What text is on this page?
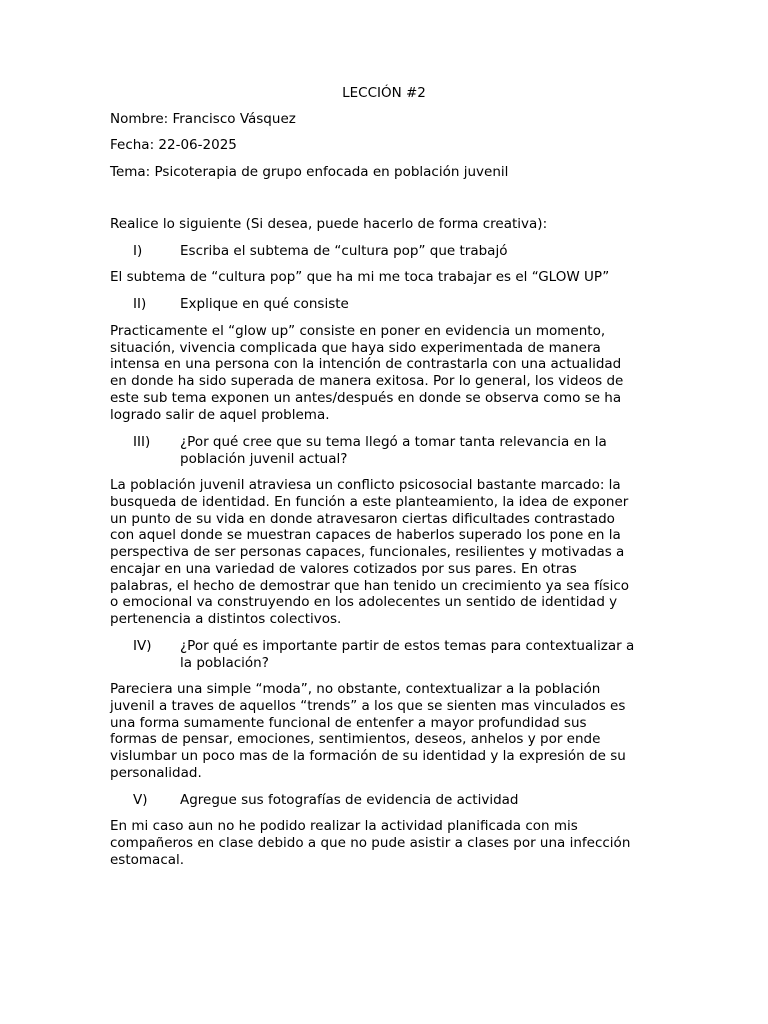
LECCIÓN #2
Nombre: Francisco Vásquez
Fecha: 22-06-2025
Tema: Psicoterapia de grupo enfocada en población juvenil
Realice lo siguiente (Si desea, puede hacerlo de forma creativa):
I)	Escriba el subtema de “cultura pop” que trabajó
El subtema de “cultura pop” que ha mi me toca trabajar es el “GLOW UP”
II)	Explique en qué consiste
Practicamente el “glow up” consiste en poner en evidencia un momento,
situación, vivencia complicada que haya sido experimentada de manera
intensa en una persona con la intención de contrastarla con una actualidad
en donde ha sido superada de manera exitosa. Por lo general, los videos de
este sub tema exponen un antes/después en donde se observa como se ha
logrado salir de aquel problema.
III) ¿Por qué cree que su tema llegó a tomar tanta relevancia en la
población juvenil actual?
La población juvenil atraviesa un conflicto psicosocial bastante marcado: la
busqueda de identidad. En función a este planteamiento, la idea de exponer
un punto de su vida en donde atravesaron ciertas dificultades contrastado
con aquel donde se muestran capaces de haberlos superado los pone en la
perspectiva de ser personas capaces, funcionales, resilientes y motivadas a
encajar en una variedad de valores cotizados por sus pares. En otras
palabras, el hecho de demostrar que han tenido un crecimiento ya sea físico
o emocional va construyendo en los adolecentes un sentido de identidad y
pertenencia a distintos colectivos.
IV) ¿Por qué es importante partir de estos temas para contextualizar a
la población?
Pareciera una simple “moda”, no obstante, contextualizar a la población
juvenil a traves de aquellos “trends” a los que se sienten mas vinculados es
una forma sumamente funcional de entenfer a mayor profundidad sus
formas de pensar, emociones, sentimientos, deseos, anhelos y por ende
vislumbar un poco mas de la formación de su identidad y la expresión de su
personalidad.
V) Agregue sus fotografías de evidencia de actividad
En mi caso aun no he podido realizar la actividad planificada con mis
compañeros en clase debido a que no pude asistir a clases por una infección
estomacal.
